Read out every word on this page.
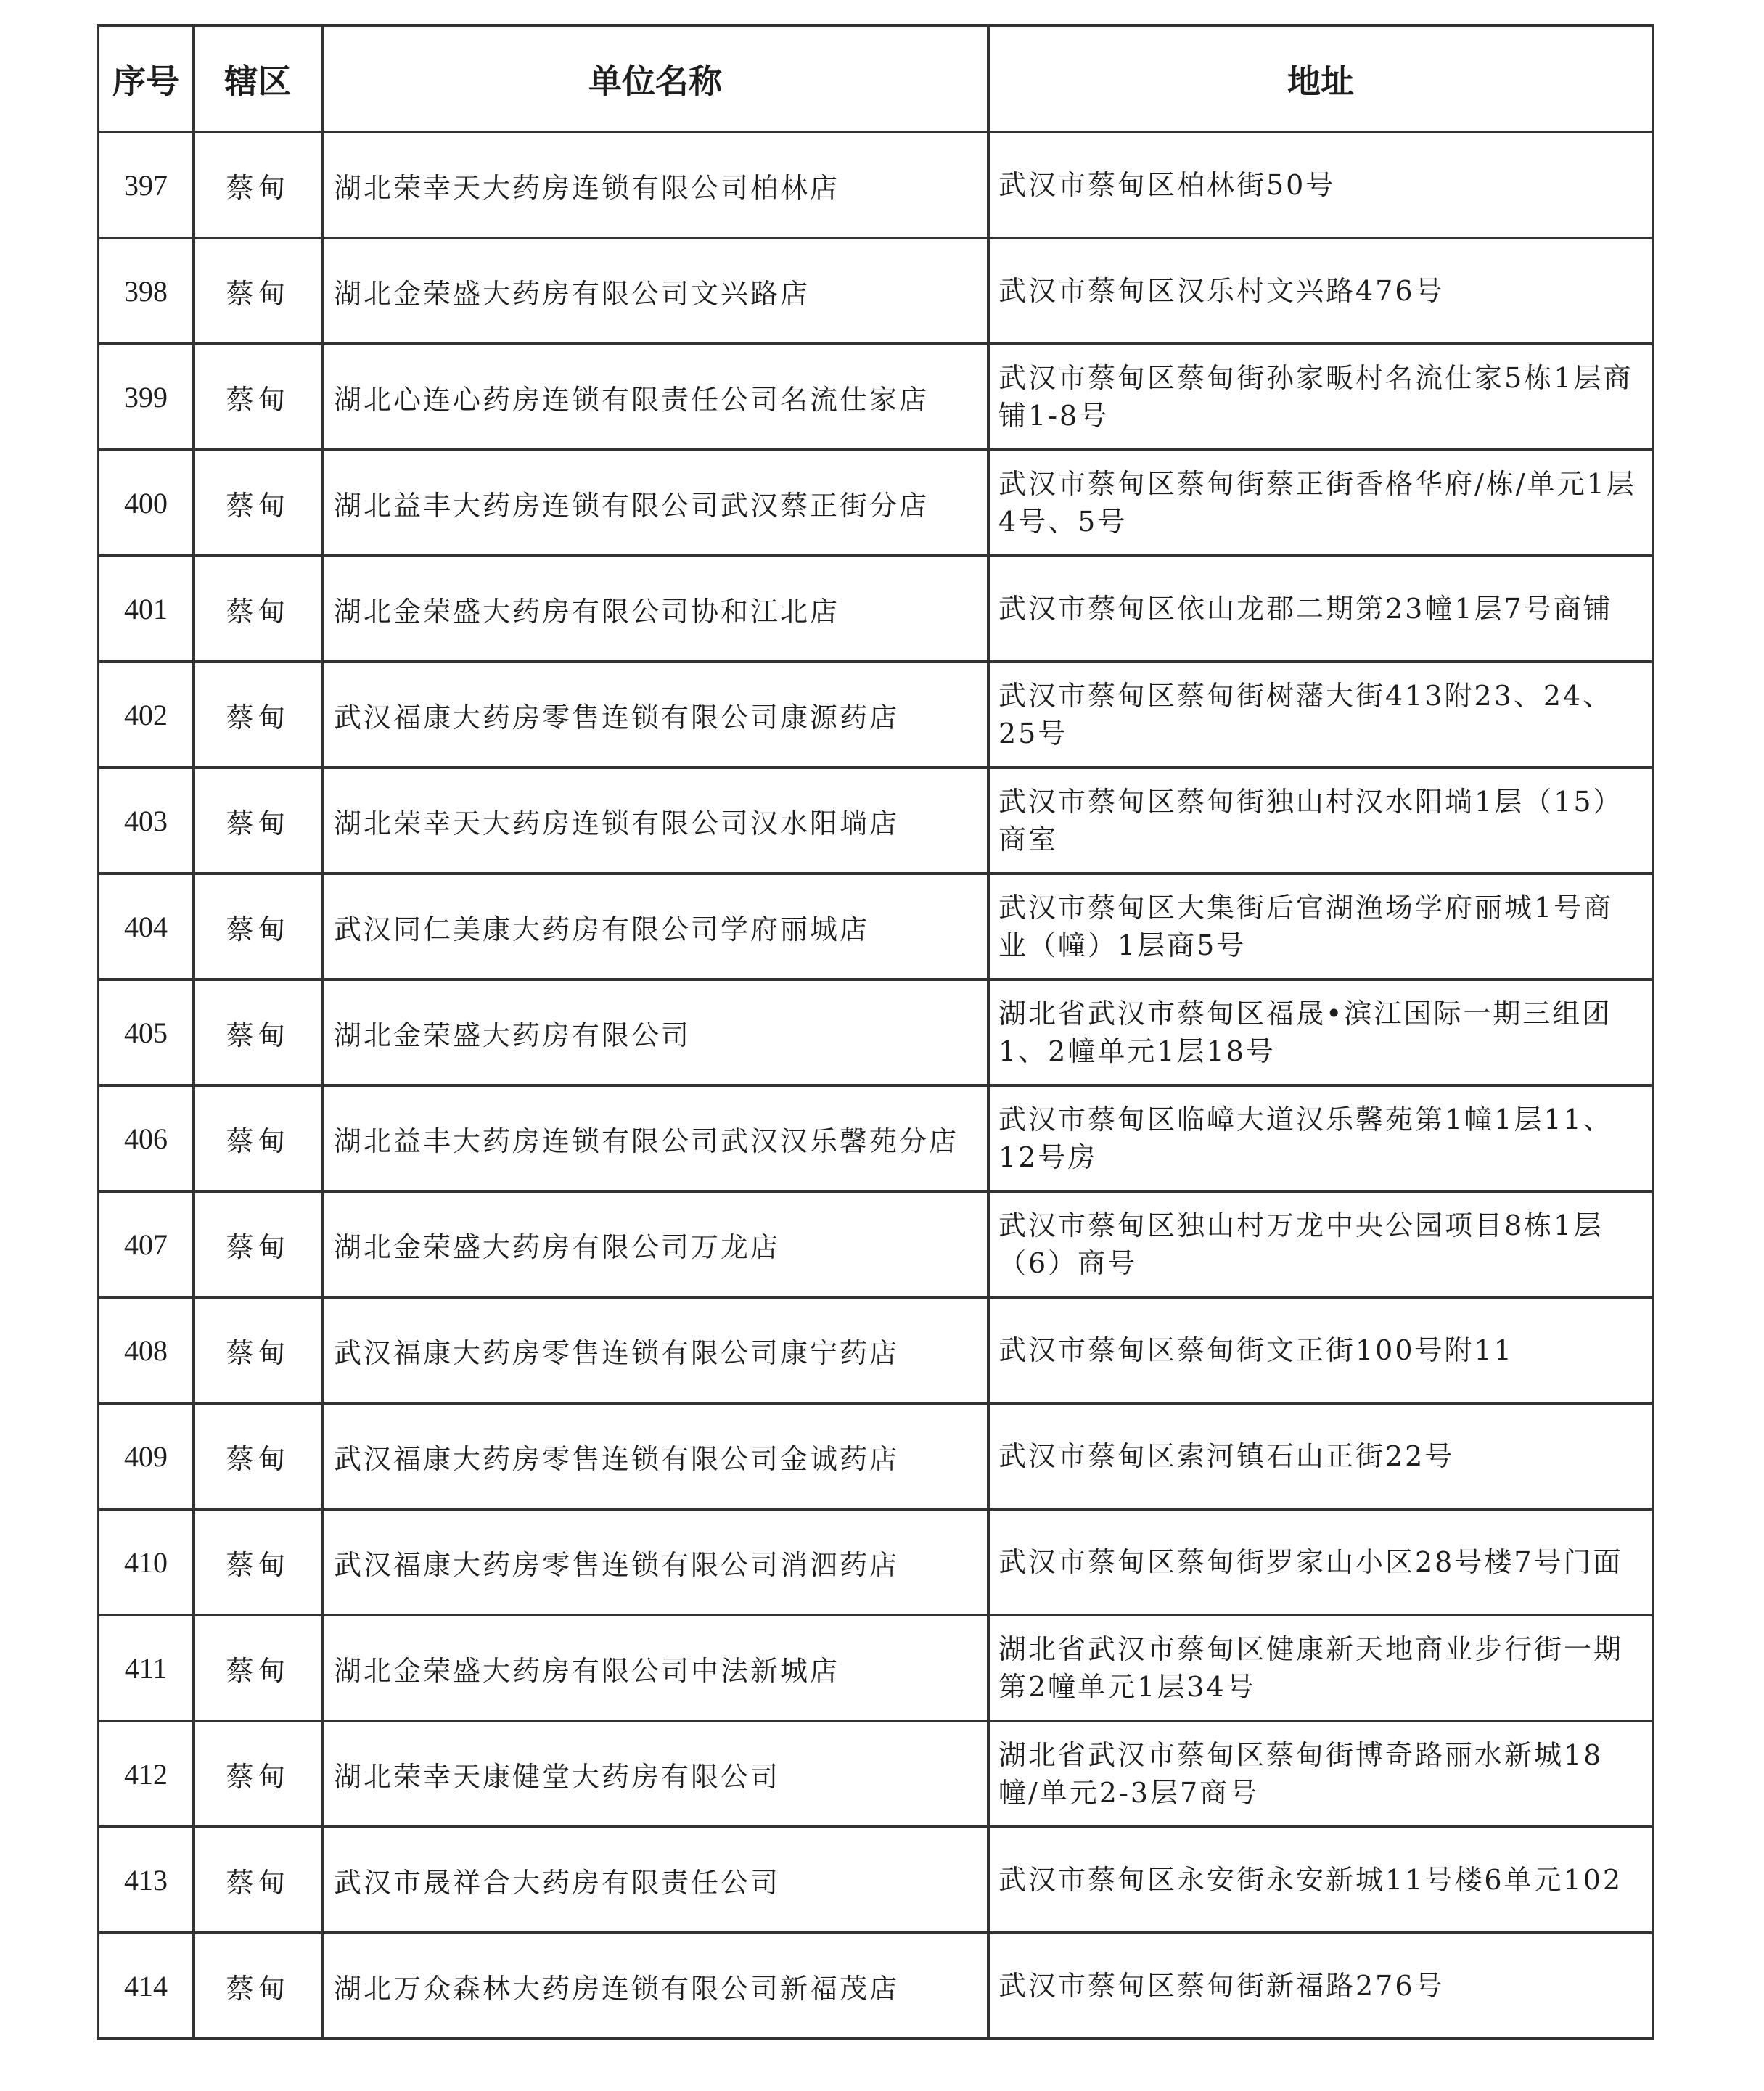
序号	辖区	单位名称	地址
397	蔡甸	湖北荣幸天大药房连锁有限公司柏林店	武汉市蔡甸区柏林街50号
398	蔡甸	湖北金荣盛大药房有限公司文兴路店	武汉市蔡甸区汉乐村文兴路476号
399	蔡甸	湖北心连心药房连锁有限责任公司名流仕家店	武汉市蔡甸区蔡甸街孙家畈村名流仕家5栋1层商铺1-8号
400	蔡甸	湖北益丰大药房连锁有限公司武汉蔡正街分店	武汉市蔡甸区蔡甸街蔡正街香格华府/栋/单元1层4号、5号
401	蔡甸	湖北金荣盛大药房有限公司协和江北店	武汉市蔡甸区依山龙郡二期第23幢1层7号商铺
402	蔡甸	武汉福康大药房零售连锁有限公司康源药店	武汉市蔡甸区蔡甸街树藩大街413附23、24、25号
403	蔡甸	湖北荣幸天大药房连锁有限公司汉水阳埫店	武汉市蔡甸区蔡甸街独山村汉水阳埫1层（15）商室
404	蔡甸	武汉同仁美康大药房有限公司学府丽城店	武汉市蔡甸区大集街后官湖渔场学府丽城1号商业（幢）1层商5号
405	蔡甸	湖北金荣盛大药房有限公司	湖北省武汉市蔡甸区福晟•滨江国际一期三组团1、2幢单元1层18号
406	蔡甸	湖北益丰大药房连锁有限公司武汉汉乐馨苑分店	武汉市蔡甸区临嶂大道汉乐馨苑第1幢1层11、12号房
407	蔡甸	湖北金荣盛大药房有限公司万龙店	武汉市蔡甸区独山村万龙中央公园项目8栋1层（6）商号
408	蔡甸	武汉福康大药房零售连锁有限公司康宁药店	武汉市蔡甸区蔡甸街文正街100号附11
409	蔡甸	武汉福康大药房零售连锁有限公司金诚药店	武汉市蔡甸区索河镇石山正街22号
410	蔡甸	武汉福康大药房零售连锁有限公司消泗药店	武汉市蔡甸区蔡甸街罗家山小区28号楼7号门面
411	蔡甸	湖北金荣盛大药房有限公司中法新城店	湖北省武汉市蔡甸区健康新天地商业步行街一期第2幢单元1层34号
412	蔡甸	湖北荣幸天康健堂大药房有限公司	湖北省武汉市蔡甸区蔡甸街博奇路丽水新城18幢/单元2-3层7商号
413	蔡甸	武汉市晟祥合大药房有限责任公司	武汉市蔡甸区永安街永安新城11号楼6单元102
414	蔡甸	湖北万众森林大药房连锁有限公司新福茂店	武汉市蔡甸区蔡甸街新福路276号
